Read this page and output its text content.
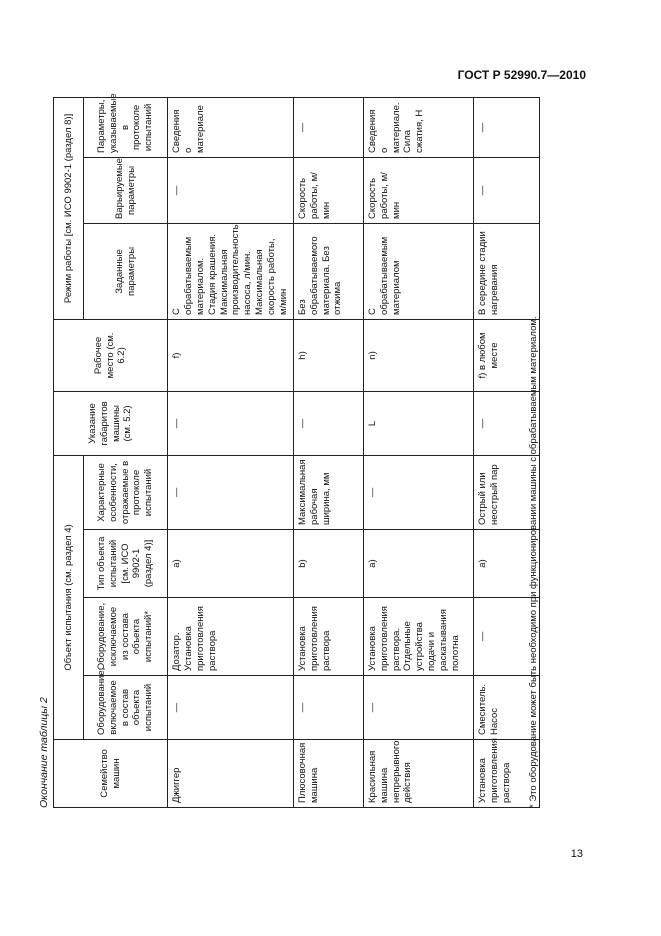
ГОСТ Р 52990.7—2010
Окончание таблицы 2	Семейство машин	Объект испытания (см. раздел 4)				Указание габаритов машины (см. 5.2)	Рабочее место (см. 6.2)	Режим работы [см. ИСО 9902-1 (раздел 8)]		
	Оборудование, включаемое в состав объекта испытаний	Оборудование, исключаемое из состава объекта испытаний*	Тип объекта испытаний [см. ИСО 9902-1 (раздел 4)]	Характерные особенности, отражаемые в протоколе испытаний			Заданные параметры	Варьируемые параметры	Параметры, указываемые в протоколе испытаний
Джиггер	—	Дозатор. Установка приготовления раствора	a)	—	—	f)	С обрабатываемым материалом. Стадия крашения. Максимальная производительность насоса, л/мин. Максимальная скорость работы, м/мин	—	Сведения о материале
Плюсовочная машина	—	Установка приготовления раствора	b)	Максимальная рабочая ширина, мм	—	h)	Без обрабатываемого материала. Без отжима	Скорость работы, м/мин	—
Красильная машина непрерывного действия	—	Установка приготовления раствора. Отдельные устройства подачи и раскатывания полотна	a)	—	L	n)	С обрабатываемым материалом	Скорость работы, м/мин	Сведения о материале. Сила сжатия, Н
Установка приготовления раствора	Смеситель. Насос	—	a)	Острый или неострый пар	—	f) в любом месте	В середине стадии нагревания	—	—
* Это оборудование может быть необходимо при функционировании машины с обрабатываемым материалом.
13
